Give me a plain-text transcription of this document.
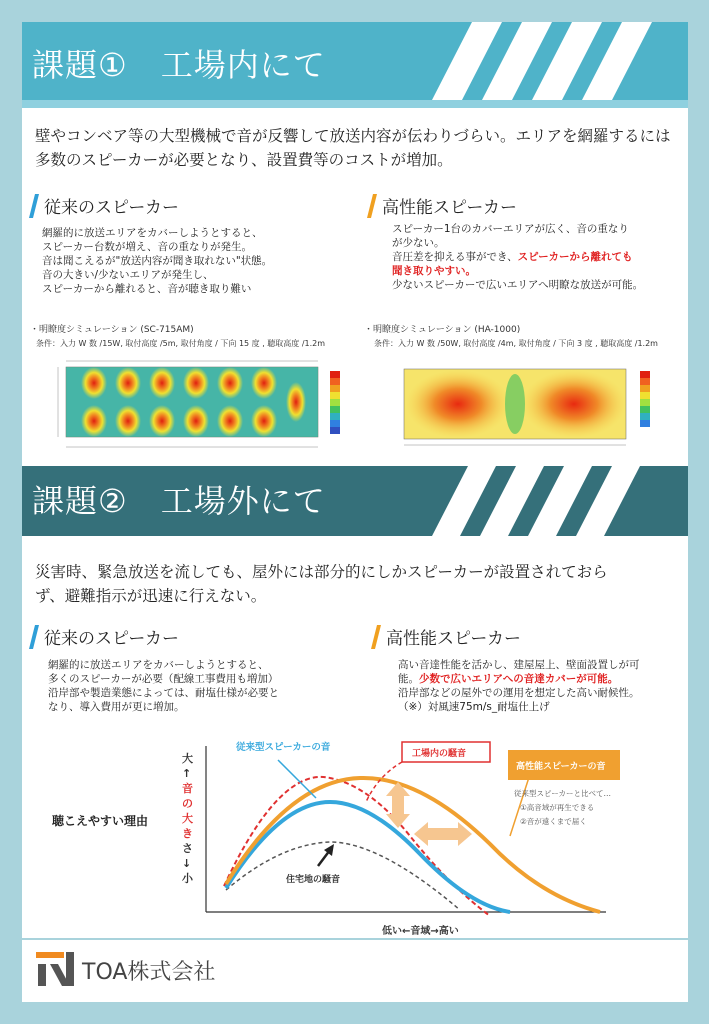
課題①　工場内にて
壁やコンベア等の大型機械で音が反響して放送内容が伝わりづらい。エリアを網羅するには多数のスピーカーが必要となり、設置費等のコストが増加。
従来のスピーカー
網羅的に放送エリアをカバーしようとすると、
スピーカー台数が増え、音の重なりが発生。
音は聞こえるが"放送内容が聞き取れない"状態。
音の大きい/少ないエリアが発生し、
スピーカーから離れると、音が聴き取り難い
高性能スピーカー
スピーカー1台のカバーエリアが広く、音の重なり
が少ない。
音圧差を抑える事ができ、スピーカーから離れても
聞き取りやすい。
少ないスピーカーで広いエリアへ明瞭な放送が可能。
・明瞭度シミュレーション (SC-715AM)
条件：入力 W 数 /15W, 取付高度 /5m, 取付角度 / 下向 15 度 , 聴取高度 /1.2m
・明瞭度シミュレーション (HA-1000)
条件：入力 W 数 /50W, 取付高度 /4m, 取付角度 / 下向 3 度 , 聴取高度 /1.2m
課題②　工場外にて
災害時、緊急放送を流しても、屋外には部分的にしかスピーカーが設置されておらず、避難指示が迅速に行えない。
従来のスピーカー
網羅的に放送エリアをカバーしようとすると、
多くのスピーカーが必要（配線工事費用も増加）
沿岸部や製造業態によっては、耐塩仕様が必要と
なり、導入費用が更に増加。
高性能スピーカー
高い音達性能を活かし、建屋屋上、壁面設置しが可
能。少数で広いエリアへの音達カバーが可能。
沿岸部などの屋外での運用を想定した高い耐候性。
（※）対風速75m/s_耐塩仕上げ
聴こえやすい理由
大↑音の大きさ↓小
低い←音域→高い
従来型スピーカーの音
工場内の騒音
高性能スピーカーの音
住宅地の騒音
従来型スピーカーと比べて…
①高音域が再生できる
②音が遠くまで届く
TOA株式会社
